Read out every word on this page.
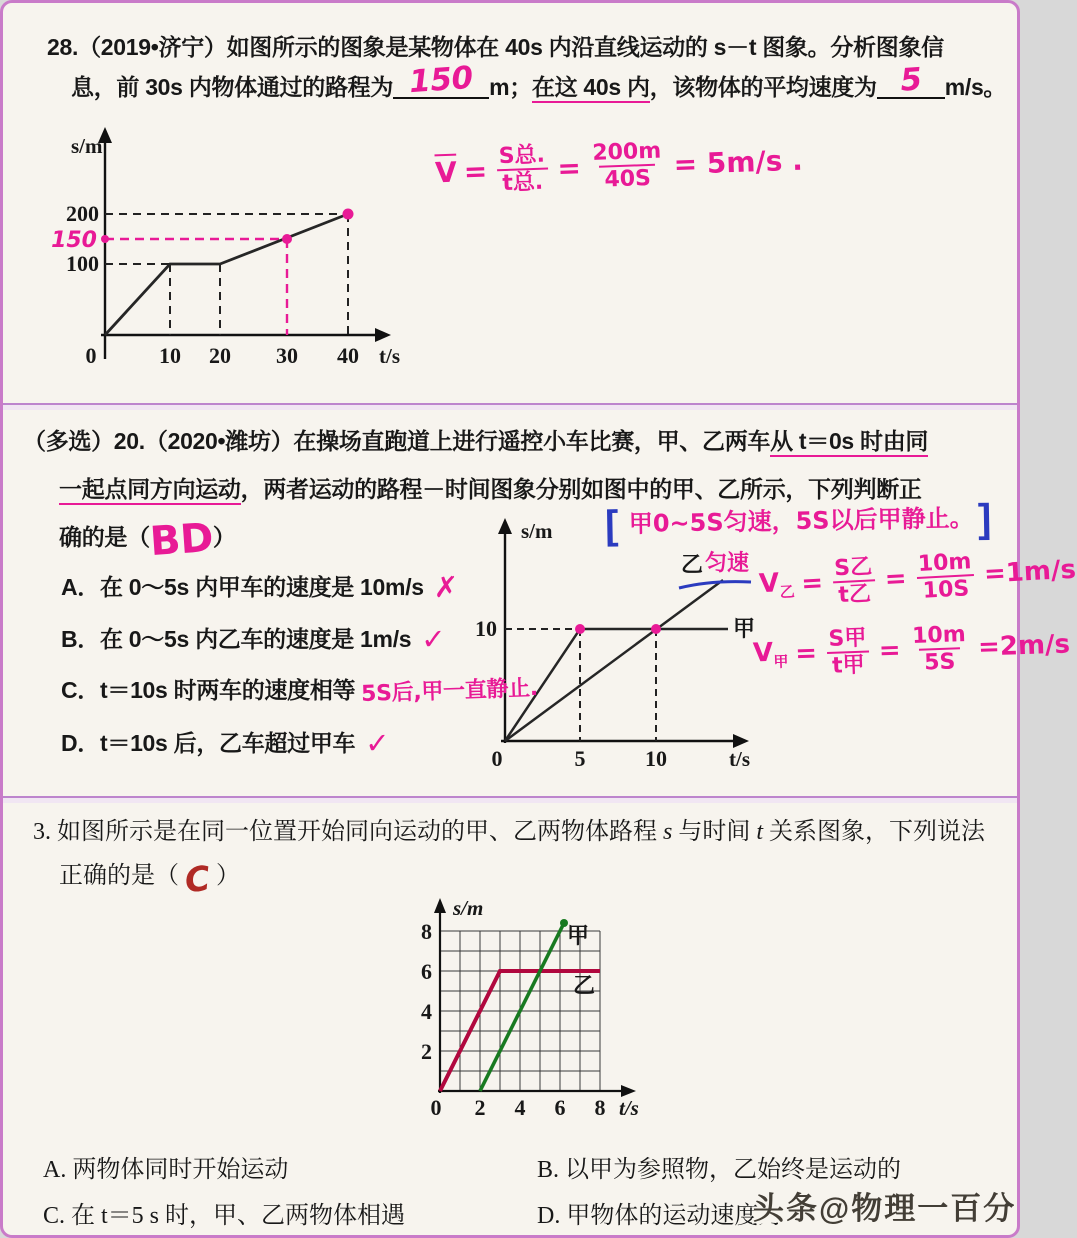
28.（2019•济宁）如图所示的图象是某物体在 40s 内沿直线运动的 s－t 图象。分析图象信
息，前 30s 内物体通过的路程为 150 m；在这 40s 内，该物体的平均速度为 5 m/s。
s/m
200
150
100
0	10 20 30 40 t/s
$\overline{V} = \frac{\text{S总.}}{\text{t总.}} = \frac{200m}{40S} = 5m/s$ .
（多选）20.（2020•潍坊）在操场直跑道上进行遥控小车比赛，甲、乙两车从 t＝0s 时由同
一起点同方向运动，两者运动的路程－时间图象分别如图中的甲、乙所示，下列判断正
确的是（BD）
A．在 0～5s 内甲车的速度是 10m/s ✗
B．在 0～5s 内乙车的速度是 1m/s ✓
C．t＝10s 时两车的速度相等 5S后,甲一直静止.
D．t＝10s 后，乙车超过甲车 ✓
[ 甲0~5S匀速，5S以后甲静止。 ]
s/m
甲
乙 匀速
10
0	5	10	t/s
$V_乙 = \frac{\text{S乙}}{\text{t乙}} = \frac{10m}{10S} =1m/s$
$V_甲 = \frac{\text{S甲}}{\text{t甲}} = \frac{10m}{5S} =2m/s$
3. 如图所示是在同一位置开始同向运动的甲、乙两物体路程 s 与时间 t 关系图象，下列说法
正确的是（ C ）
s/m
甲
乙
2
4
6
8
0 2 4 6 8 t/s
A. 两物体同时开始运动	B. 以甲为参照物，乙始终是运动的
C. 在 t＝5 s 时，甲、乙两物体相遇	D. 甲物体的运动速度为
头条@物理一百分
